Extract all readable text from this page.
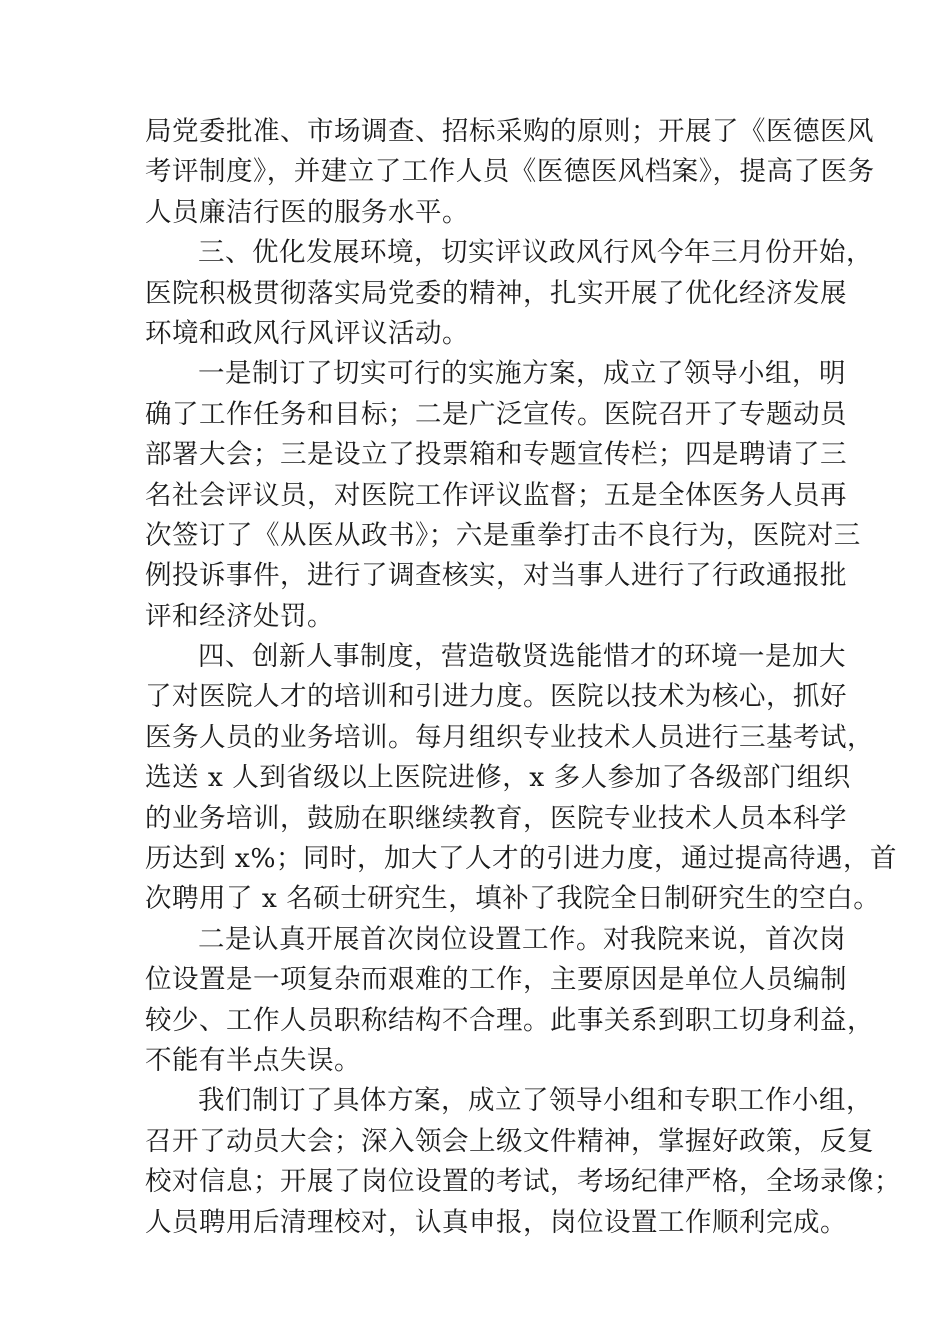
局党委批准、市场调查、招标采购的原则；开展了《医德医风
考评制度》，并建立了工作人员《医德医风档案》，提高了医务
人员廉洁行医的服务水平。
三、优化发展环境，切实评议政风行风今年三月份开始，
医院积极贯彻落实局党委的精神，扎实开展了优化经济发展
环境和政风行风评议活动。
一是制订了切实可行的实施方案，成立了领导小组，明
确了工作任务和目标；二是广泛宣传。医院召开了专题动员
部署大会；三是设立了投票箱和专题宣传栏；四是聘请了三
名社会评议员，对医院工作评议监督；五是全体医务人员再
次签订了《从医从政书》；六是重拳打击不良行为，医院对三
例投诉事件，进行了调查核实，对当事人进行了行政通报批
评和经济处罚。
四、创新人事制度，营造敬贤选能惜才的环境一是加大
了对医院人才的培训和引进力度。医院以技术为核心，抓好
医务人员的业务培训。每月组织专业技术人员进行三基考试，
选送 x 人到省级以上医院进修，x 多人参加了各级部门组织
的业务培训，鼓励在职继续教育，医院专业技术人员本科学
历达到 x%；同时，加大了人才的引进力度，通过提高待遇，首
次聘用了 x 名硕士研究生，填补了我院全日制研究生的空白。
二是认真开展首次岗位设置工作。对我院来说，首次岗
位设置是一项复杂而艰难的工作，主要原因是单位人员编制
较少、工作人员职称结构不合理。此事关系到职工切身利益，
不能有半点失误。
我们制订了具体方案，成立了领导小组和专职工作小组，
召开了动员大会；深入领会上级文件精神，掌握好政策，反复
校对信息；开展了岗位设置的考试，考场纪律严格，全场录像；
人员聘用后清理校对，认真申报，岗位设置工作顺利完成。
